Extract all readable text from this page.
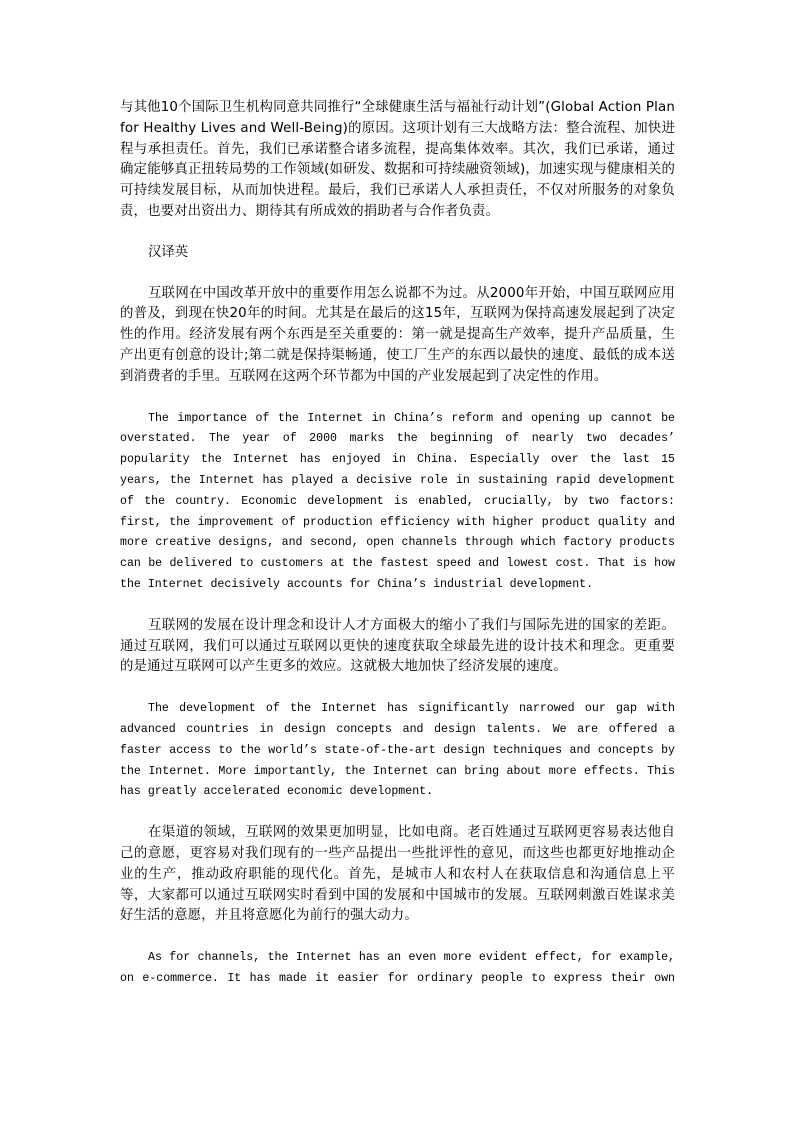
与其他10个国际卫生机构同意共同推行“全球健康生活与福祉行动计划”(Global Action Plan for Healthy Lives and Well-Being)的原因。这项计划有三大战略方法：整合流程、加快进程与承担责任。首先，我们已承诺整合诸多流程，提高集体效率。其次，我们已承诺，通过确定能够真正扭转局势的工作领域(如研发、数据和可持续融资领域)，加速实现与健康相关的可持续发展目标，从而加快进程。最后，我们已承诺人人承担责任，不仅对所服务的对象负责，也要对出资出力、期待其有所成效的捐助者与合作者负责。

汉译英

互联网在中国改革开放中的重要作用怎么说都不为过。从2000年开始，中国互联网应用的普及，到现在快20年的时间。尤其是在最后的这15年，互联网为保持高速发展起到了决定性的作用。经济发展有两个东西是至关重要的：第一就是提高生产效率，提升产品质量，生产出更有创意的设计;第二就是保持渠畅通，使工厂生产的东西以最快的速度、最低的成本送到消费者的手里。互联网在这两个环节都为中国的产业发展起到了决定性的作用。

The importance of the Internet in China’s reform and opening up cannot be overstated. The year of 2000 marks the beginning of nearly two decades’ popularity the Internet has enjoyed in China. Especially over the last 15 years, the Internet has played a decisive role in sustaining rapid development of the country. Economic development is enabled, crucially, by two factors: first, the improvement of production efficiency with higher product quality and more creative designs, and second, open channels through which factory products can be delivered to customers at the fastest speed and lowest cost. That is how the Internet decisively accounts for China’s industrial development.

互联网的发展在设计理念和设计人才方面极大的缩小了我们与国际先进的国家的差距。通过互联网，我们可以通过互联网以更快的速度获取全球最先进的设计技术和理念。更重要的是通过互联网可以产生更多的效应。这就极大地加快了经济发展的速度。

The development of the Internet has significantly narrowed our gap with advanced countries in design concepts and design talents. We are offered a faster access to the world’s state-of-the-art design techniques and concepts by the Internet. More importantly, the Internet can bring about more effects. This has greatly accelerated economic development.

在渠道的领域，互联网的效果更加明显，比如电商。老百姓通过互联网更容易表达他自己的意愿，更容易对我们现有的一些产品提出一些批评性的意见，而这些也都更好地推动企业的生产，推动政府职能的现代化。首先，是城市人和农村人在获取信息和沟通信息上平等，大家都可以通过互联网实时看到中国的发展和中国城市的发展。互联网刺激百姓谋求美好生活的意愿，并且将意愿化为前行的强大动力。

As for channels, the Internet has an even more evident effect, for example, on e-commerce. It has made it easier for ordinary people to express their own
